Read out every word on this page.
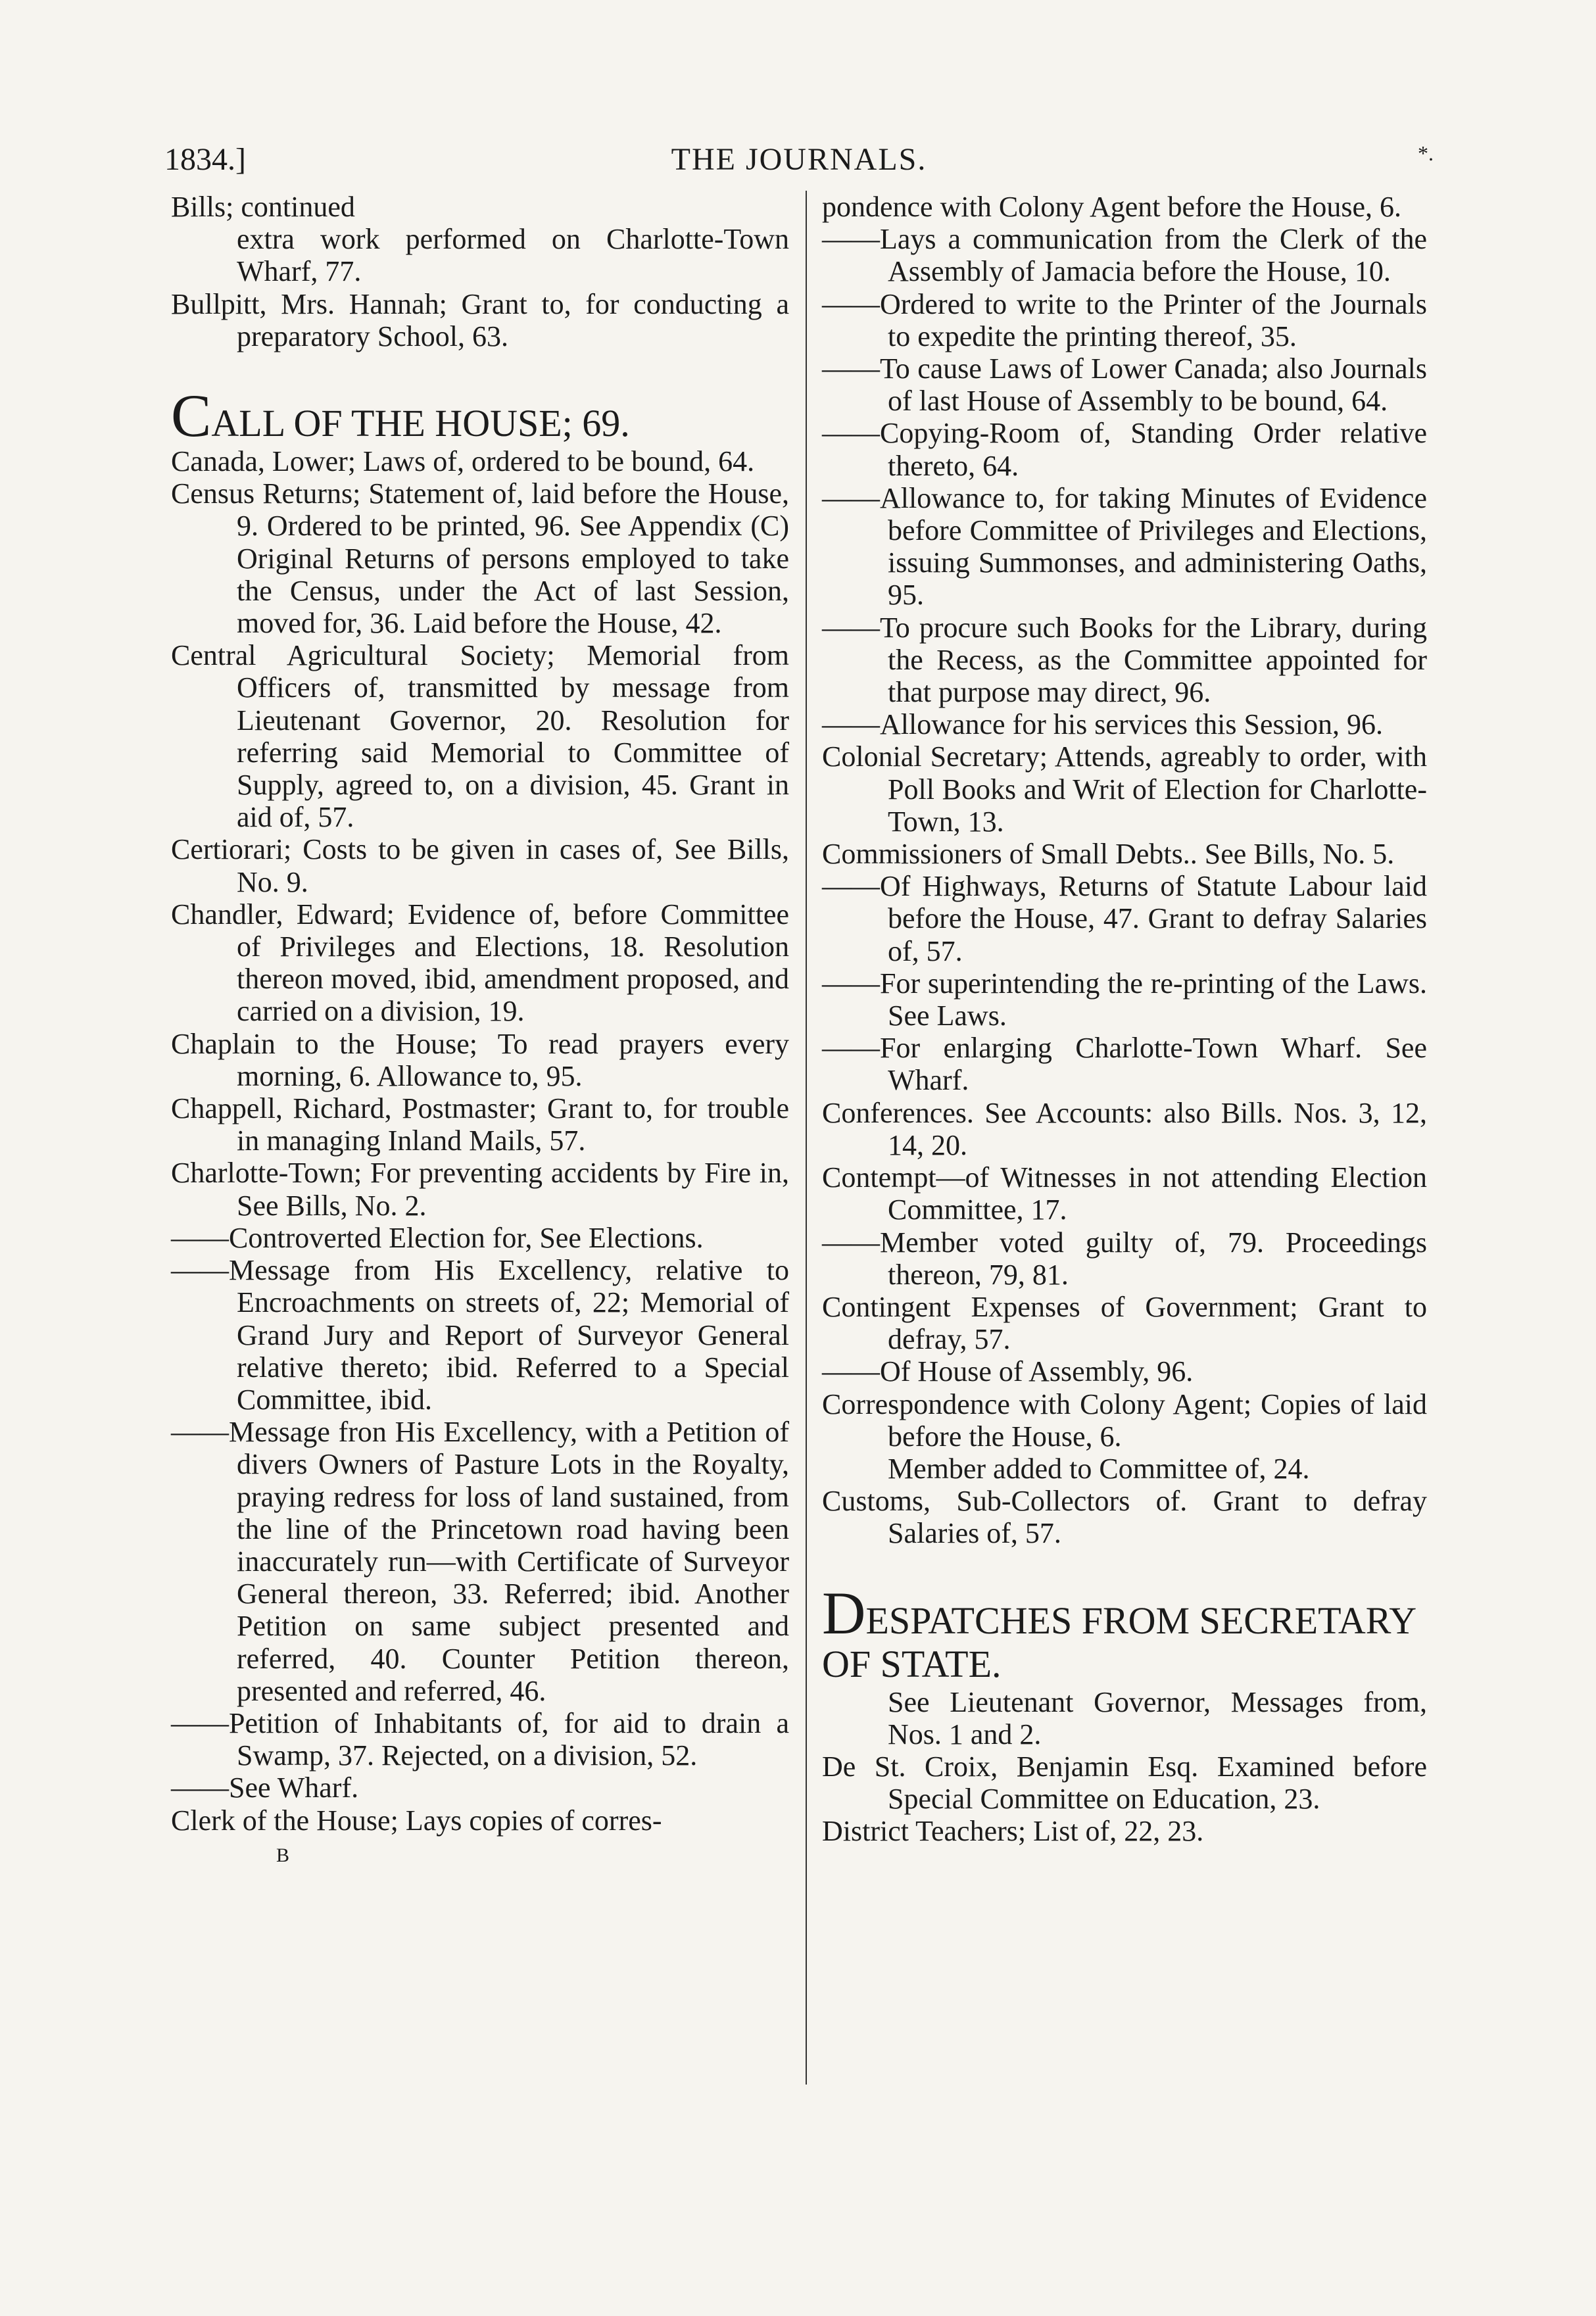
1834.]	THE JOURNALS.	*.
Bills; continued
extra work performed on Charlotte-Town Wharf, 77.
Bullpitt, Mrs. Hannah; Grant to, for conducting a preparatory School, 63.
CALL OF THE HOUSE; 69.
Canada, Lower; Laws of, ordered to be bound, 64.
Census Returns; Statement of, laid before the House, 9. Ordered to be printed, 96. See Appendix (C) Original Returns of persons employed to take the Census, under the Act of last Session, moved for, 36. Laid before the House, 42.
Central Agricultural Society; Memorial from Officers of, transmitted by message from Lieutenant Governor, 20. Resolution for referring said Memorial to Committee of Supply, agreed to, on a division, 45. Grant in aid of, 57.
Certiorari; Costs to be given in cases of, See Bills, No. 9.
Chandler, Edward; Evidence of, before Committee of Privileges and Elections, 18. Resolution thereon moved, ibid, amendment proposed, and carried on a division, 19.
Chaplain to the House; To read prayers every morning, 6. Allowance to, 95.
Chappell, Richard, Postmaster; Grant to, for trouble in managing Inland Mails, 57.
Charlotte-Town; For preventing accidents by Fire in, See Bills, No. 2.
——Controverted Election for, See Elections.
——Message from His Excellency, relative to Encroachments on streets of, 22; Memorial of Grand Jury and Report of Surveyor General relative thereto; ibid. Referred to a Special Committee, ibid.
——Message fron His Excellency, with a Petition of divers Owners of Pasture Lots in the Royalty, praying redress for loss of land sustained, from the line of the Princetown road having been inaccurately run—with Certificate of Surveyor General thereon, 33. Referred; ibid. Another Petition on same subject presented and referred, 40. Counter Petition thereon, presented and referred, 46.
——Petition of Inhabitants of, for aid to drain a Swamp, 37. Rejected, on a division, 52.
——See Wharf.
Clerk of the House; Lays copies of corres-
B
pondence with Colony Agent before the House, 6.
——Lays a communication from the Clerk of the Assembly of Jamacia before the House, 10.
——Ordered to write to the Printer of the Journals to expedite the printing thereof, 35.
——To cause Laws of Lower Canada; also Journals of last House of Assembly to be bound, 64.
——Copying-Room of, Standing Order relative thereto, 64.
——Allowance to, for taking Minutes of Evidence before Committee of Privileges and Elections, issuing Summonses, and administering Oaths, 95.
——To procure such Books for the Library, during the Recess, as the Committee appointed for that purpose may direct, 96.
——Allowance for his services this Session, 96.
Colonial Secretary; Attends, agreably to order, with Poll Books and Writ of Election for Charlotte-Town, 13.
Commissioners of Small Debts.. See Bills, No. 5.
——Of Highways, Returns of Statute Labour laid before the House, 47. Grant to defray Salaries of, 57.
——For superintending the re-printing of the Laws. See Laws.
——For enlarging Charlotte-Town Wharf. See Wharf.
Conferences. See Accounts: also Bills. Nos. 3, 12, 14, 20.
Contempt—of Witnesses in not attending Election Committee, 17.
——Member voted guilty of, 79. Proceedings thereon, 79, 81.
Contingent Expenses of Government; Grant to defray, 57.
——Of House of Assembly, 96.
Correspondence with Colony Agent; Copies of laid before the House, 6.
Member added to Committee of, 24.
Customs, Sub-Collectors of. Grant to defray Salaries of, 57.
DESPATCHES FROM SECRETARY OF STATE.
See Lieutenant Governor, Messages from, Nos. 1 and 2.
De St. Croix, Benjamin Esq. Examined before Special Committee on Education, 23.
District Teachers; List of, 22, 23.
